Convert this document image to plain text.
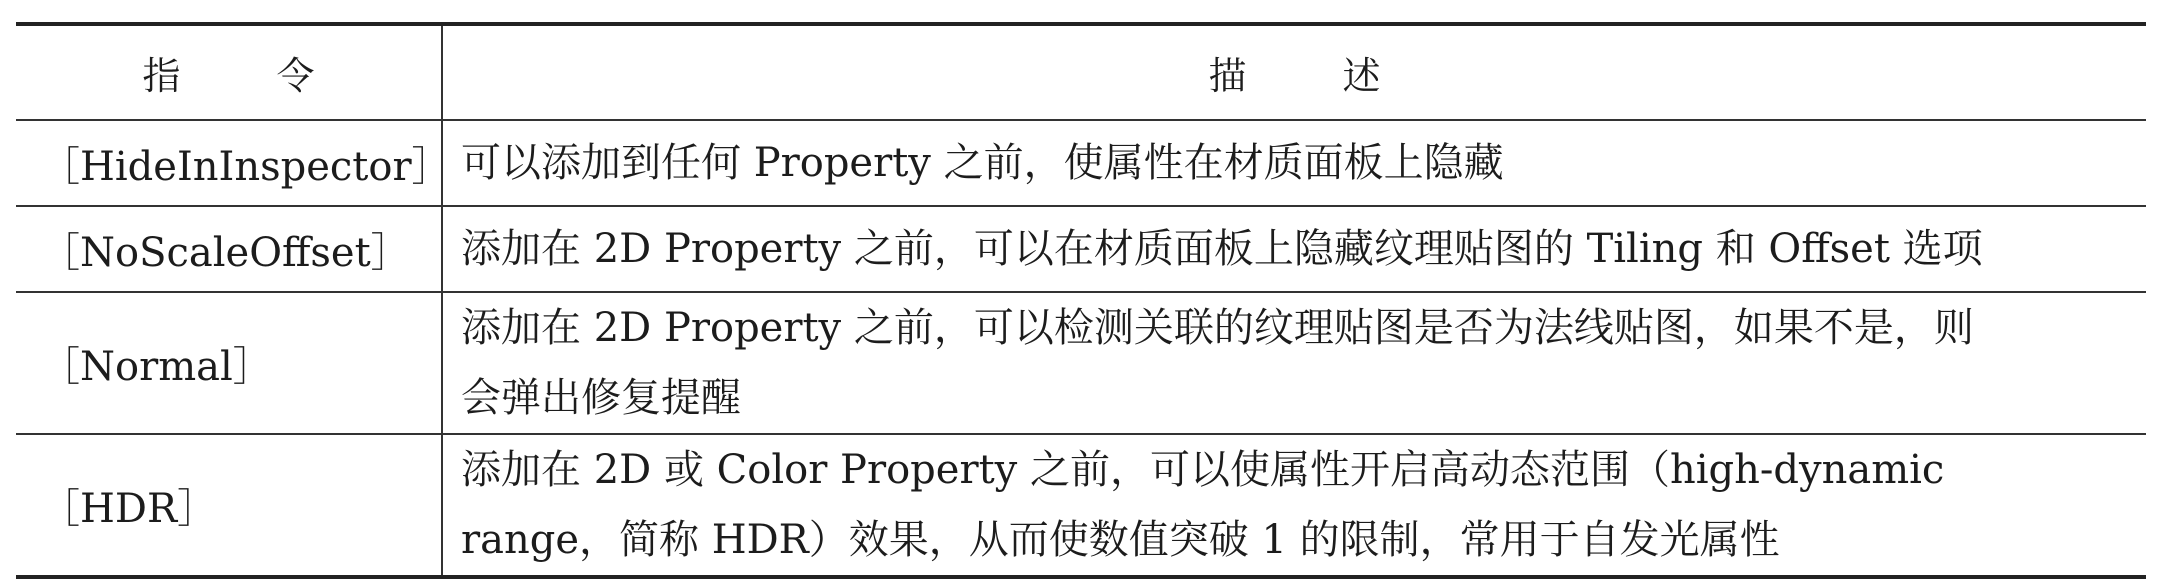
指 令	描 述
［HideInInspector］	可以添加到任何 Property 之前，使属性在材质面板上隐藏

［NoScaleOffset］	添加在 2D Property 之前，可以在材质面板上隐藏纹理贴图的 Tiling 和 Offset 选项

［Normal］	添加在 2D Property 之前，可以检测关联的纹理贴图是否为法线贴图，如果不是，则
会弹出修复提醒

［HDR］	添加在 2D 或 Color Property 之前，可以使属性开启高动态范围（high-dynamic
range，简称 HDR）效果，从而使数值突破 1 的限制，常用于自发光属性
